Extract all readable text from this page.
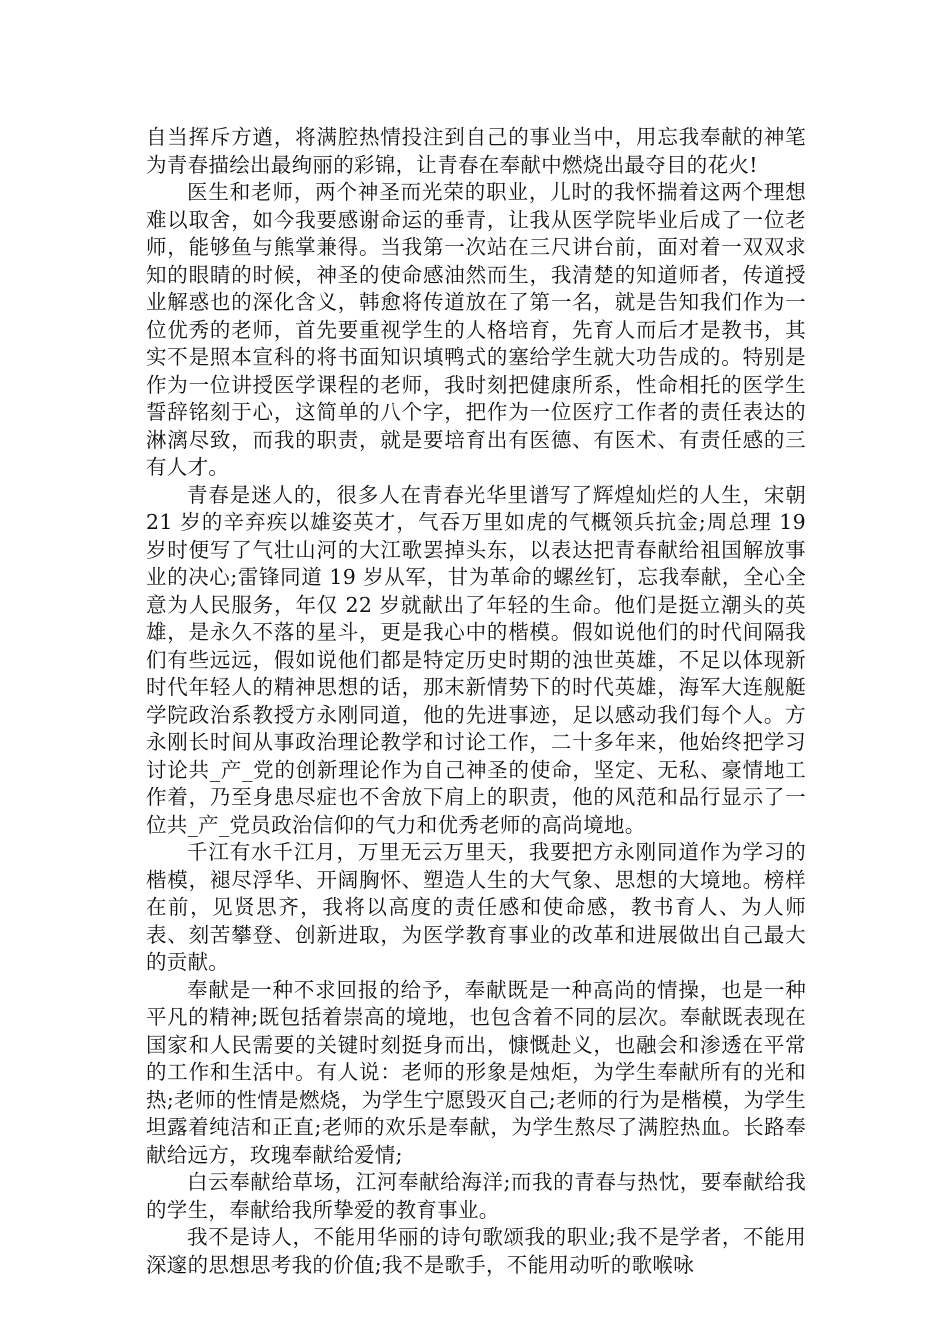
自当挥斥方遒，将满腔热情投注到自己的事业当中，用忘我奉献的神笔为青春描绘出最绚丽的彩锦，让青春在奉献中燃烧出最夺目的花火!

医生和老师，两个神圣而光荣的职业，儿时的我怀揣着这两个理想难以取舍，如今我要感谢命运的垂青，让我从医学院毕业后成了一位老师，能够鱼与熊掌兼得。当我第一次站在三尺讲台前，面对着一双双求知的眼睛的时候，神圣的使命感油然而生，我清楚的知道师者，传道授业解惑也的深化含义，韩愈将传道放在了第一名，就是告知我们作为一位优秀的老师，首先要重视学生的人格培育，先育人而后才是教书，其实不是照本宣科的将书面知识填鸭式的塞给学生就大功告成的。特别是作为一位讲授医学课程的老师，我时刻把健康所系，性命相托的医学生誓辞铭刻于心，这简单的八个字，把作为一位医疗工作者的责任表达的淋漓尽致，而我的职责，就是要培育出有医德、有医术、有责任感的三有人才。

青春是迷人的，很多人在青春光华里谱写了辉煌灿烂的人生，宋朝 21 岁的辛弃疾以雄姿英才，气吞万里如虎的气概领兵抗金;周总理 19 岁时便写了气壮山河的大江歌罢掉头东，以表达把青春献给祖国解放事业的决心;雷锋同道 19 岁从军，甘为革命的螺丝钉，忘我奉献，全心全意为人民服务，年仅 22 岁就献出了年轻的生命。他们是挺立潮头的英雄，是永久不落的星斗，更是我心中的楷模。假如说他们的时代间隔我们有些远远，假如说他们都是特定历史时期的浊世英雄，不足以体现新时代年轻人的精神思想的话，那末新情势下的时代英雄，海军大连舰艇学院政治系教授方永刚同道，他的先进事迹，足以感动我们每个人。方永刚长时间从事政治理论教学和讨论工作，二十多年来，他始终把学习讨论共_产_党的创新理论作为自己神圣的使命，坚定、无私、豪情地工作着，乃至身患尽症也不舍放下肩上的职责，他的风范和品行显示了一位共_产_党员政治信仰的气力和优秀老师的高尚境地。

千江有水千江月，万里无云万里天，我要把方永刚同道作为学习的楷模，褪尽浮华、开阔胸怀、塑造人生的大气象、思想的大境地。榜样在前，见贤思齐，我将以高度的责任感和使命感，教书育人、为人师表、刻苦攀登、创新进取，为医学教育事业的改革和进展做出自己最大的贡献。

奉献是一种不求回报的给予，奉献既是一种高尚的情操，也是一种平凡的精神;既包括着崇高的境地，也包含着不同的层次。奉献既表现在国家和人民需要的关键时刻挺身而出，慷慨赴义，也融会和渗透在平常的工作和生活中。有人说：老师的形象是烛炬，为学生奉献所有的光和热;老师的性情是燃烧，为学生宁愿毁灭自己;老师的行为是楷模，为学生坦露着纯洁和正直;老师的欢乐是奉献，为学生熬尽了满腔热血。长路奉献给远方，玫瑰奉献给爱情;

白云奉献给草场，江河奉献给海洋;而我的青春与热忱，要奉献给我的学生，奉献给我所挚爱的教育事业。

我不是诗人，不能用华丽的诗句歌颂我的职业;我不是学者，不能用深邃的思想思考我的价值;我不是歌手，不能用动听的歌喉咏
